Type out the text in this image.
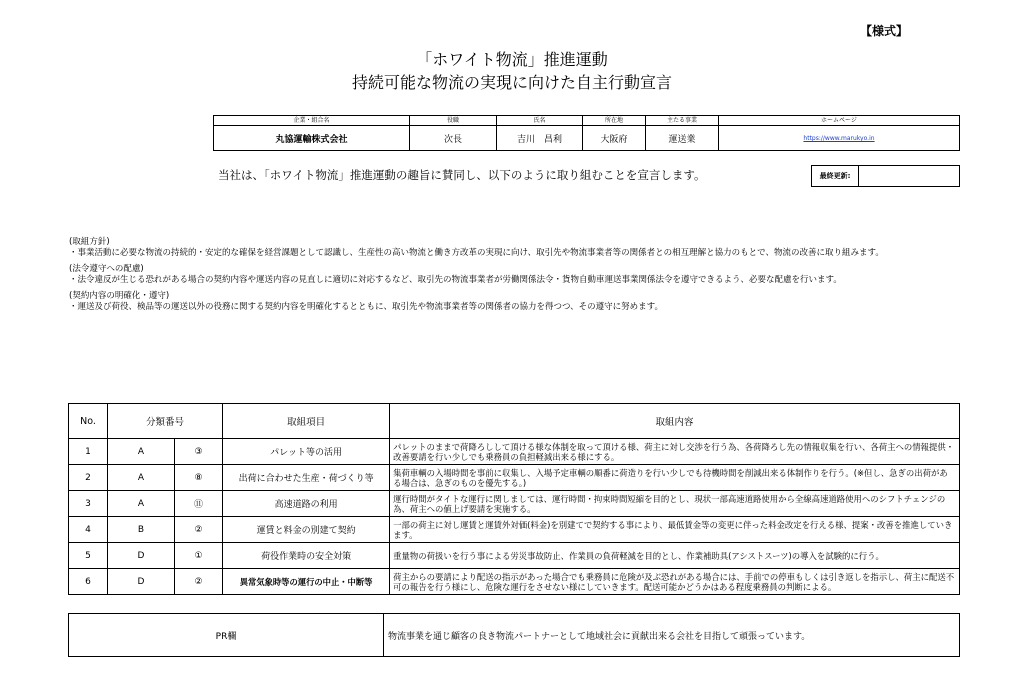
【様式】
「ホワイト物流」推進運動
持続可能な物流の実現に向けた自主行動宣言
企業・組合名	役職	氏名	所在地	主たる事業	ホームページ
丸協運輸株式会社	次長	吉川　昌利	大阪府	運送業	https://www.marukyo.in
当社は、「ホワイト物流」推進運動の趣旨に賛同し、以下のように取り組むことを宣言します。	最終更新:	

(取組方針)
・事業活動に必要な物流の持続的・安定的な確保を経営課題として認識し、生産性の高い物流と働き方改革の実現に向け、取引先や物流事業者等の関係者との相互理解と協力のもとで、物流の改善に取り組みます。

(法令遵守への配慮)
・法令違反が生じる恐れがある場合の契約内容や運送内容の見直しに適切に対応するなど、取引先の物流事業者が労働関係法令・貨物自動車運送事業関係法令を遵守できるよう、必要な配慮を行います。

(契約内容の明確化・遵守)
・運送及び荷役、検品等の運送以外の役務に関する契約内容を明確化するとともに、取引先や物流事業者等の関係者の協力を得つつ、その遵守に努めます。

No.	分類番号		取組項目	取組内容
1	A	③	パレット等の活用	パレットのままで荷降ろしして頂ける様な体制を取って頂ける様、荷主に対し交渉を行う為、各荷降ろし先の情報収集を行い、各荷主への情報提供・改善要請を行い少しでも乗務員の負担軽減出来る様にする。
2	A	⑧	出荷に合わせた生産・荷づくり等	集荷車輌の入場時間を事前に収集し、入場予定車輌の順番に荷造りを行い少しでも待機時間を削減出来る体制作りを行う。(※但し、急ぎの出荷がある場合は、急ぎのものを優先する。)
3	A	⑪	高速道路の利用	運行時間がタイトな運行に関しましては、運行時間・拘束時間短縮を目的とし、現状一部高速道路使用から全線高速道路使用へのシフトチェンジの為、荷主への値上げ要請を実施する。
4	B	②	運賃と料金の別建て契約	一部の荷主に対し運賃と運賃外対価(料金)を別建てで契約する事により、最低賃金等の変更に伴った料金改定を行える様、提案・改善を推進していきます。
5	D	①	荷役作業時の安全対策	重量物の荷扱いを行う事による労災事故防止、作業員の負荷軽減を目的とし、作業補助具(アシストスーツ)の導入を試験的に行う。
6	D	②	異常気象時等の運行の中止・中断等	荷主からの要請により配送の指示があった場合でも乗務員に危険が及ぶ恐れがある場合には、手前での停車もしくは引き返しを指示し、荷主に配送不可の報告を行う様にし、危険な運行をさせない様にしていきます。配送可能かどうかはある程度乗務員の判断による。
PR欄	物流事業を通じ顧客の良き物流パートナーとして地域社会に貢献出来る会社を目指して頑張っています。
